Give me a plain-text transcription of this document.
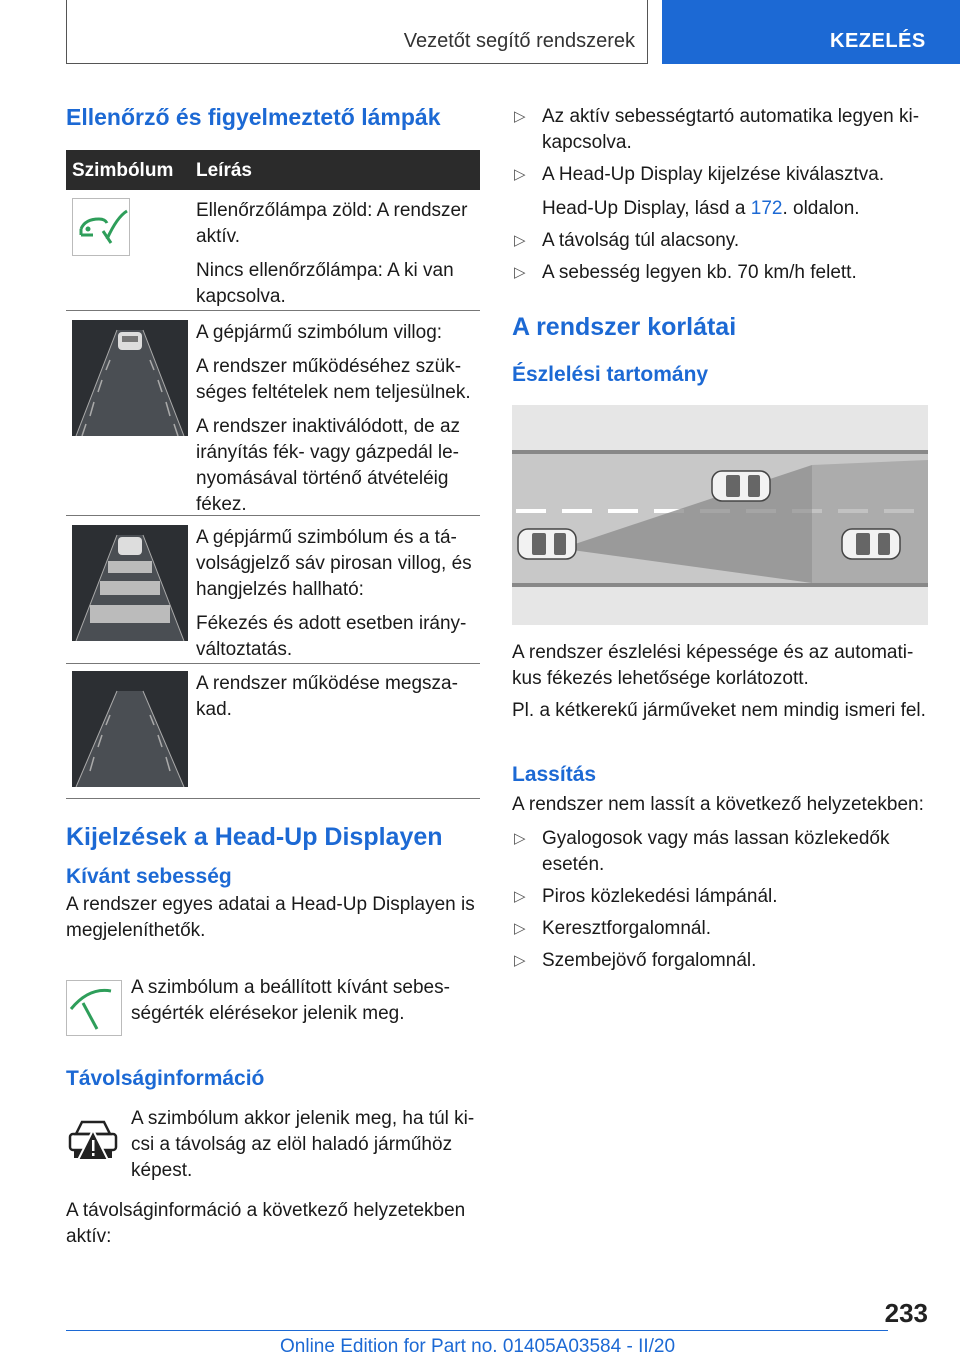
Vezetőt segítő rendszerek	KEZELÉS
Ellenőrző és figyelmeztető lámpák
Szimbólum Leírás

Ellenőrzőlámpa zöld: A rendszer aktív.

Nincs ellenőrzőlámpa: A ki van kapcsolva.

A gépjármű szimbólum villog:

A rendszer működéséhez szükséges feltételek nem teljesülnek.

A rendszer inaktiválódott, de az irányítás fék- vagy gázpedál lenyomásával történő átvételéig fékez.

A gépjármű szimbólum és a távolságjelző sáv pirosan villog, és hangjelzés hallható:

Fékezés és adott esetben irányváltoztatás.

A rendszer működése megszakad.

Kijelzések a Head-Up Displayen
Kívánt sebesség

A rendszer egyes adatai a Head-Up Displayen is megjeleníthetők.

A szimbólum a beállított kívánt sebességérték elérésekor jelenik meg.

Távolságinformáció

A szimbólum akkor jelenik meg, ha túl kicsi a távolság az elöl haladó járműhöz képest.

A távolságinformáció a következő helyzetekben aktív:

▷ Az aktív sebességtartó automatika legyen kikapcsolva.
▷ A Head-Up Display kijelzése kiválasztva.

Head-Up Display, lásd a 172. oldalon.

▷ A távolság túl alacsony.
▷ A sebesség legyen kb. 70 km/h felett.
A rendszer korlátai
Észlelési tartomány

A rendszer észlelési képessége és az automatikus fékezés lehetősége korlátozott.

Pl. a kétkerekű járműveket nem mindig ismeri fel.

Lassítás

A rendszer nem lassít a következő helyzetekben:

▷ Gyalogosok vagy más lassan közlekedők esetén.
▷ Piros közlekedési lámpánál.
▷ Keresztforgalomnál.
▷ Szembejövő forgalomnál.
233
Online Edition for Part no. 01405A03584 - II/20
